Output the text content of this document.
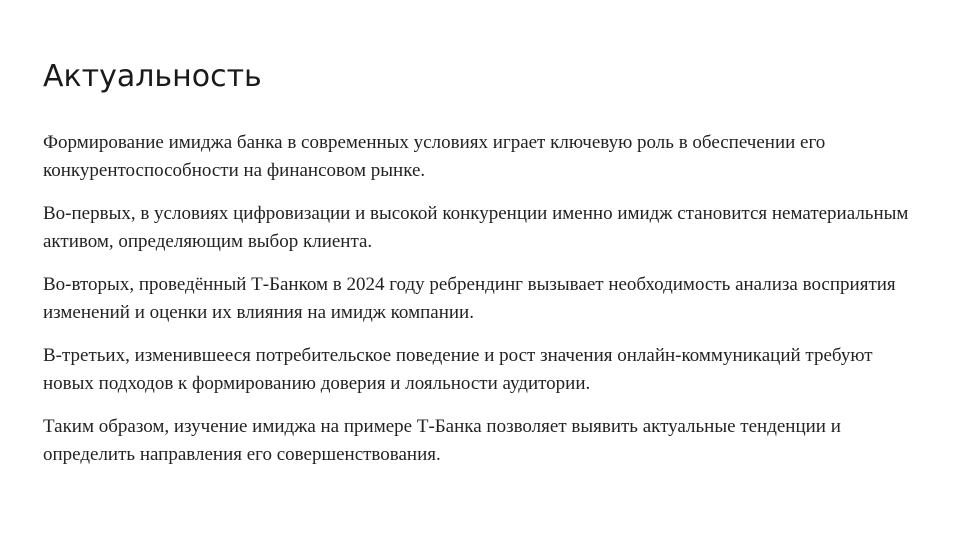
Актуальность

Формирование имиджа банка в современных условиях играет ключевую роль в обеспечении его конкурентоспособности на финансовом рынке.

Во-первых, в условиях цифровизации и высокой конкуренции именно имидж становится нематериальным активом, определяющим выбор клиента.

Во-вторых, проведённый Т-Банком в 2024 году ребрендинг вызывает необходимость анализа восприятия изменений и оценки их влияния на имидж компании.

В-третьих, изменившееся потребительское поведение и рост значения онлайн-коммуникаций требуют новых подходов к формированию доверия и лояльности аудитории.

Таким образом, изучение имиджа на примере Т-Банка позволяет выявить актуальные тенденции и определить направления его совершенствования.
